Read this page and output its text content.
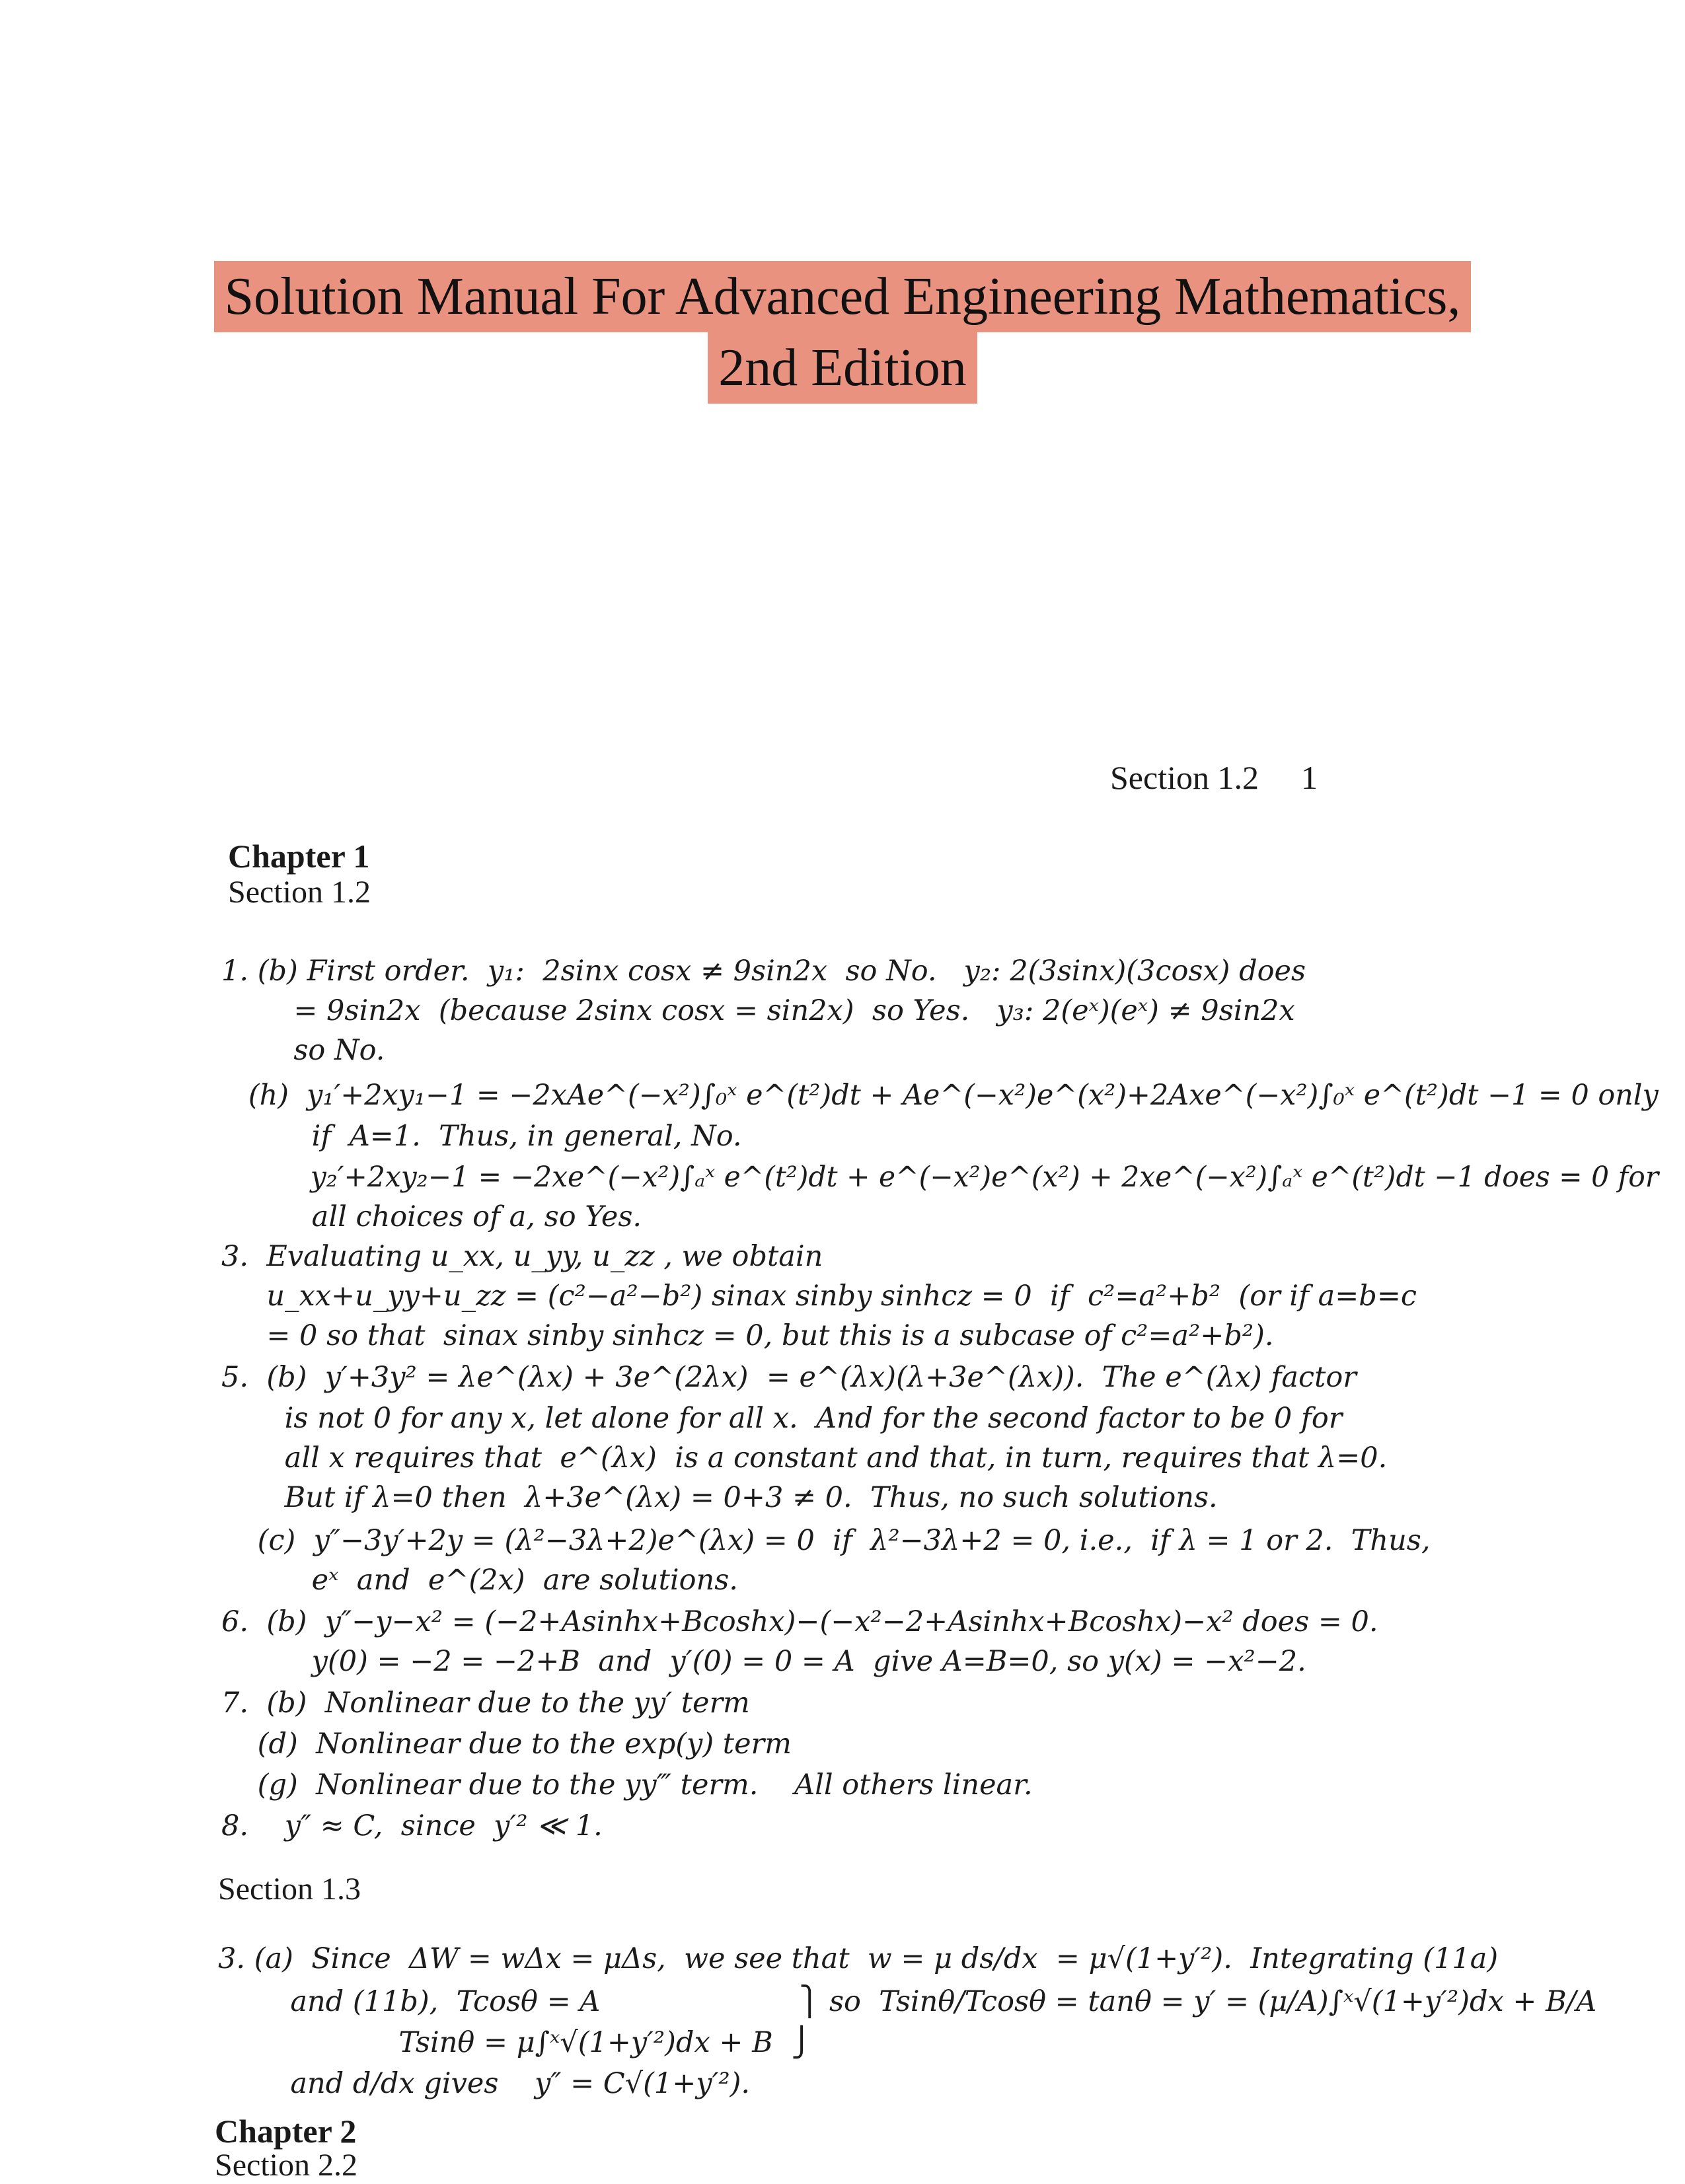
Solution Manual For Advanced Engineering Mathematics,
2nd Edition
Section 1.2 1
Chapter 1
Section 1.2
1. (b) First order.  y₁:  2sinx cosx ≠ 9sin2x  so No.   y₂: 2(3sinx)(3cosx) does
= 9sin2x  (because 2sinx cosx = sin2x)  so Yes.   y₃: 2(eˣ)(eˣ) ≠ 9sin2x
so No.
(h)  y₁′+2xy₁−1 = −2xAe^(−x²)∫₀ˣ e^(t²)dt + Ae^(−x²)e^(x²)+2Axe^(−x²)∫₀ˣ e^(t²)dt −1 = 0 only
if  A=1.  Thus, in general, No.
y₂′+2xy₂−1 = −2xe^(−x²)∫ₐˣ e^(t²)dt + e^(−x²)e^(x²) + 2xe^(−x²)∫ₐˣ e^(t²)dt −1 does = 0 for
all choices of a, so Yes.
3.  Evaluating u_xx, u_yy, u_zz , we obtain
u_xx+u_yy+u_zz = (c²−a²−b²) sinax sinby sinhcz = 0  if  c²=a²+b²  (or if a=b=c
= 0 so that  sinax sinby sinhcz = 0, but this is a subcase of c²=a²+b²).
5.  (b)  y′+3y² = λe^(λx) + 3e^(2λx)  = e^(λx)(λ+3e^(λx)).  The e^(λx) factor
is not 0 for any x, let alone for all x.  And for the second factor to be 0 for
all x requires that  e^(λx)  is a constant and that, in turn, requires that λ=0.
But if λ=0 then  λ+3e^(λx) = 0+3 ≠ 0.  Thus, no such solutions.
(c)  y″−3y′+2y = (λ²−3λ+2)e^(λx) = 0  if  λ²−3λ+2 = 0, i.e.,  if λ = 1 or 2.  Thus,
eˣ  and  e^(2x)  are solutions.
6.  (b)  y″−y−x² = (−2+Asinhx+Bcoshx)−(−x²−2+Asinhx+Bcoshx)−x² does = 0.
y(0) = −2 = −2+B  and  y′(0) = 0 = A  give A=B=0, so y(x) = −x²−2.
7.  (b)  Nonlinear due to the yy′ term
(d)  Nonlinear due to the exp(y) term
(g)  Nonlinear due to the yy‴ term.    All others linear.
8.    y″ ≈ C,  since  y′² ≪ 1.
Section 1.3
3. (a)  Since  ΔW = wΔx = μΔs,  we see that  w = μ ds/dx  = μ√(1+y′²).  Integrating (11a)
and (11b),  Tcosθ = A                      ⎫ so  Tsinθ/Tcosθ = tanθ = y′ = (μ/A)∫ˣ√(1+y′²)dx + B/A
Tsinθ = μ∫ˣ√(1+y′²)dx + B  ⎭
and d/dx gives    y″ = C√(1+y′²).
Chapter 2
Section 2.2
